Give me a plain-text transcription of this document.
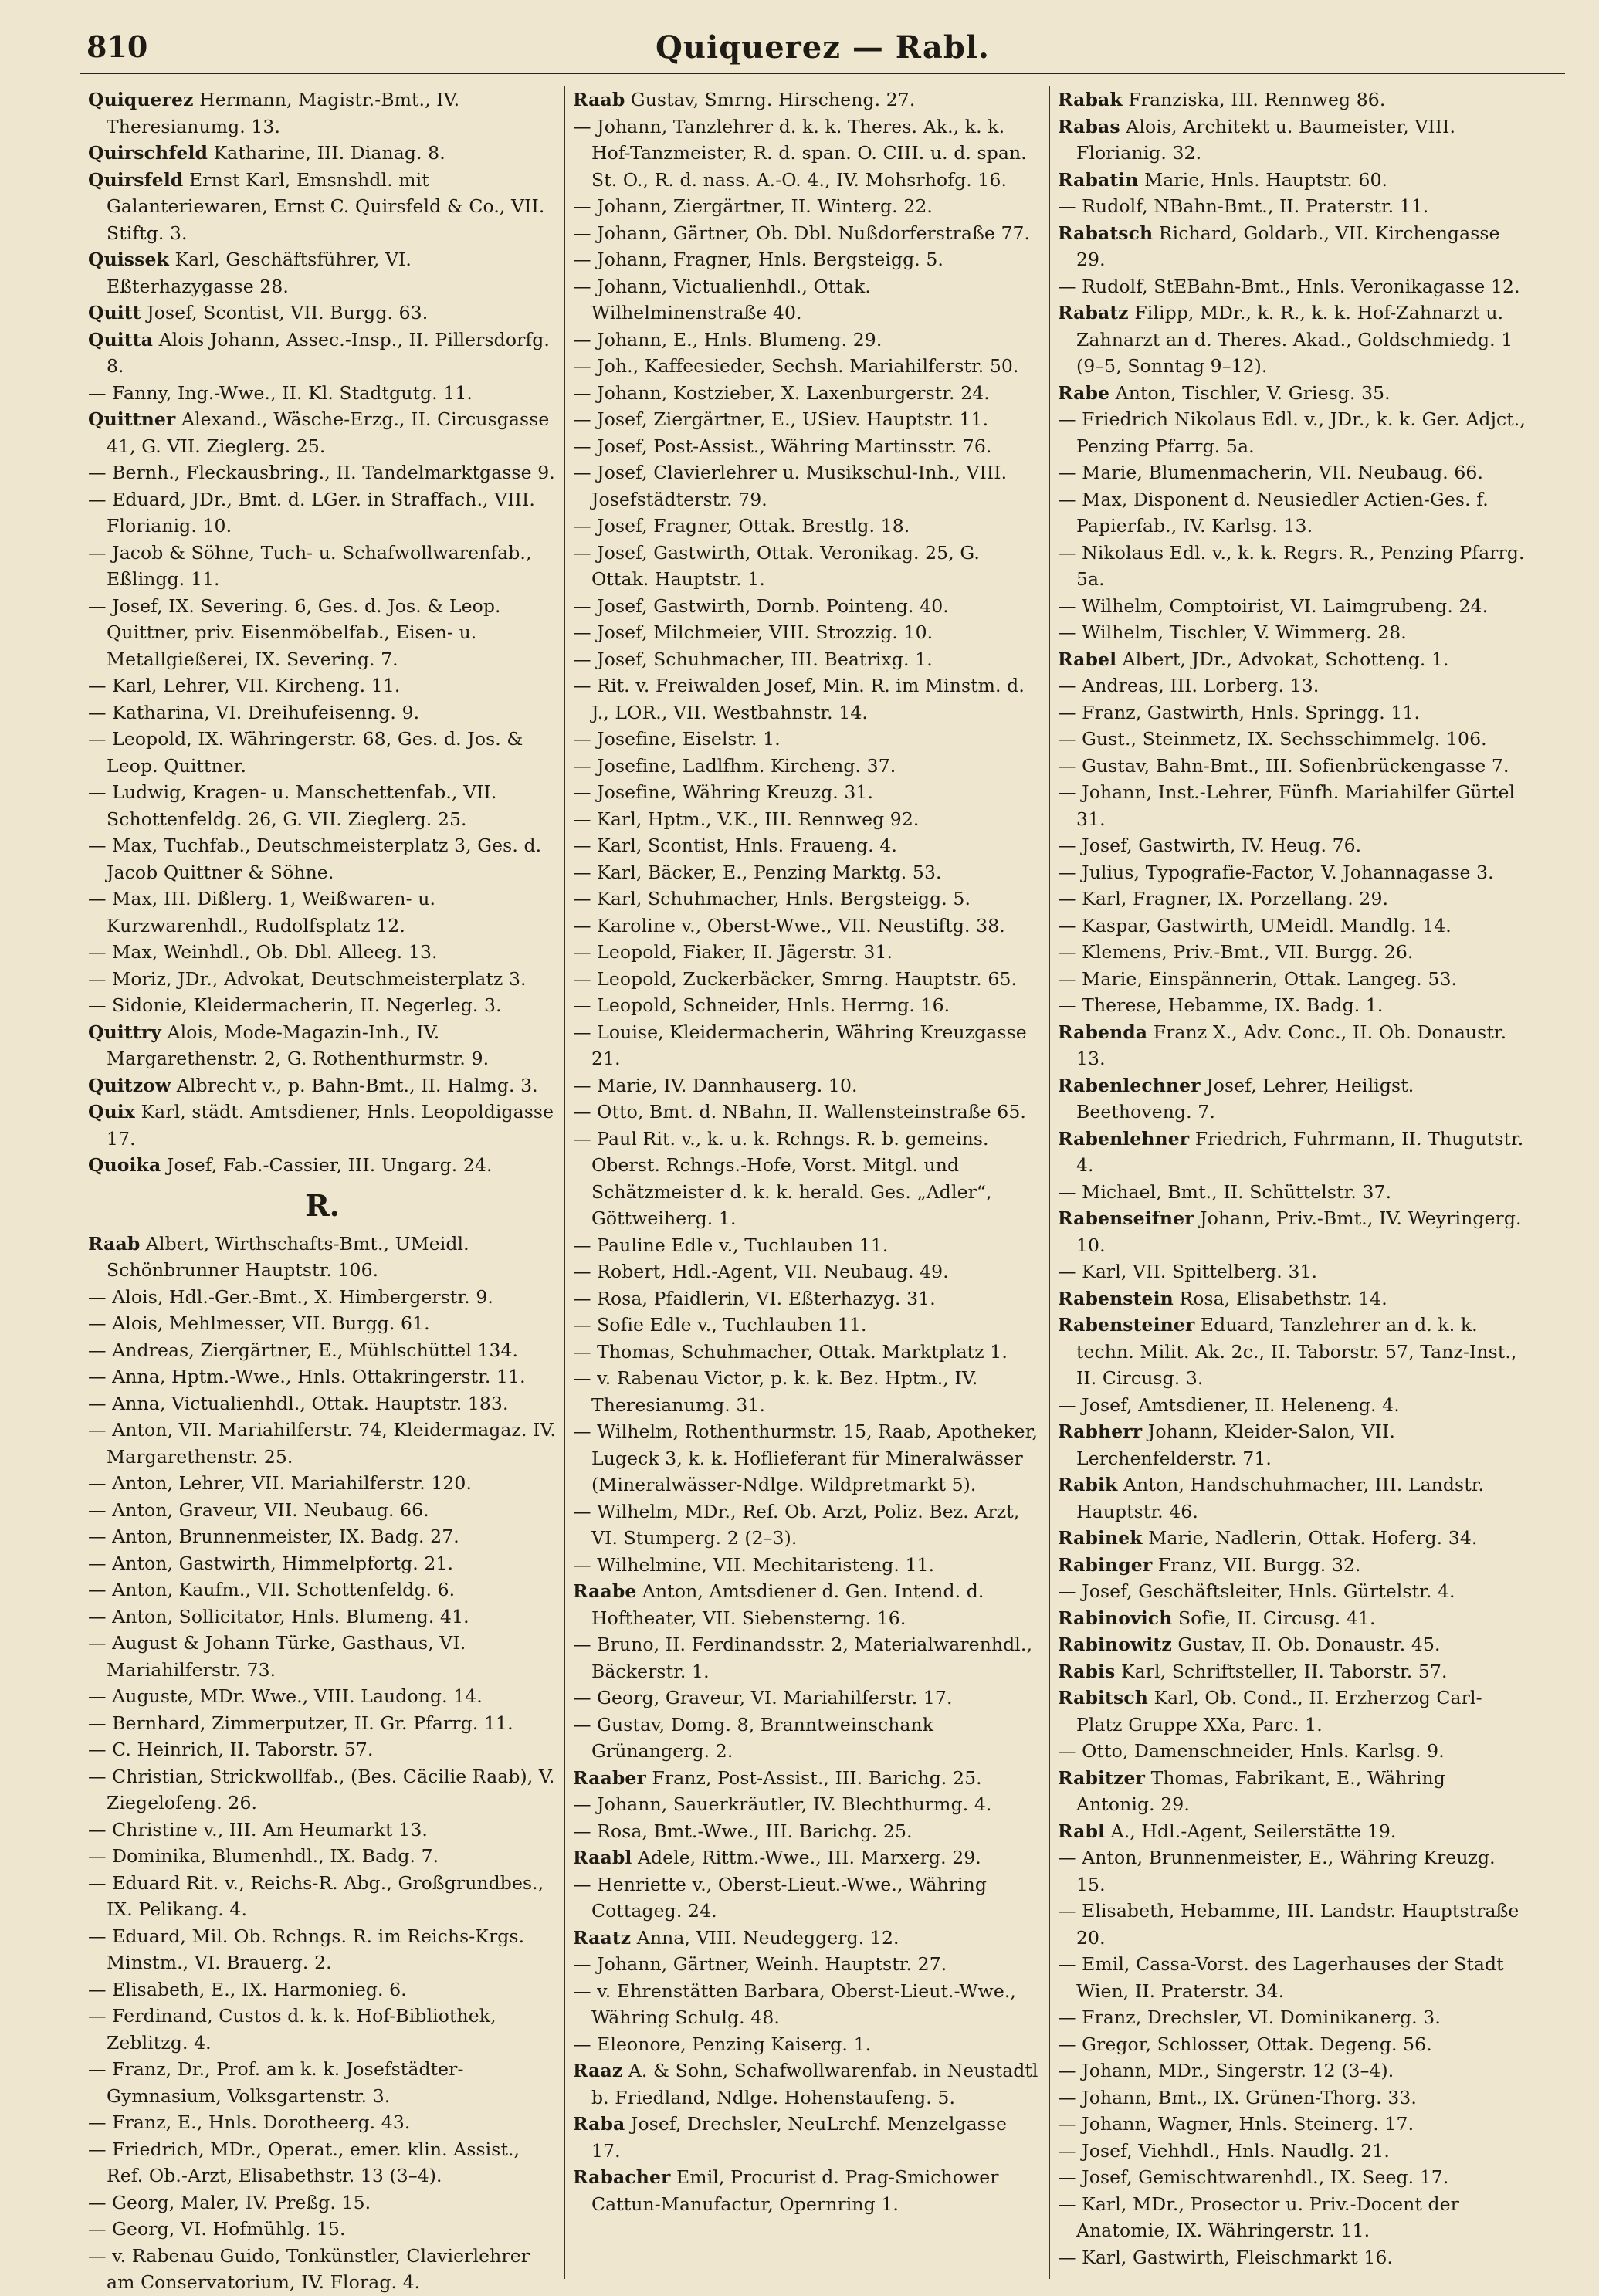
810	Quiquerez — Rabl.

Quiquerez Hermann, Magistr.-Bmt., IV. Theresianumg. 13.

Quirschfeld Katharine, III. Dianag. 8.

Quirsfeld Ernst Karl, Emsnshdl. mit Galanteriewaren, Ernst C. Quirsfeld & Co., VII. Stiftg. 3.

Quissek Karl, Geschäftsführer, VI. Eßterhazygasse 28.

Quitt Josef, Scontist, VII. Burgg. 63.

Quitta Alois Johann, Assec.-Insp., II. Pillersdorfg. 8.

— Fanny, Ing.-Wwe., II. Kl. Stadtgutg. 11.

Quittner Alexand., Wäsche-Erzg., II. Circusgasse 41, G. VII. Zieglerg. 25.

— Bernh., Fleckausbring., II. Tandelmarktgasse 9.

— Eduard, JDr., Bmt. d. LGer. in Straffach., VIII. Florianig. 10.

— Jacob & Söhne, Tuch- u. Schafwollwarenfab., Eßlingg. 11.

— Josef, IX. Severing. 6, Ges. d. Jos. & Leop. Quittner, priv. Eisenmöbelfab., Eisen- u. Metallgießerei, IX. Severing. 7.

— Karl, Lehrer, VII. Kircheng. 11.

— Katharina, VI. Dreihufeisenng. 9.

— Leopold, IX. Währingerstr. 68, Ges. d. Jos. & Leop. Quittner.

— Ludwig, Kragen- u. Manschettenfab., VII. Schottenfeldg. 26, G. VII. Zieglerg. 25.

— Max, Tuchfab., Deutschmeisterplatz 3, Ges. d. Jacob Quittner & Söhne.

— Max, III. Dißlerg. 1, Weißwaren- u. Kurzwarenhdl., Rudolfsplatz 12.

— Max, Weinhdl., Ob. Dbl. Alleeg. 13.

— Moriz, JDr., Advokat, Deutschmeisterplatz 3.

— Sidonie, Kleidermacherin, II. Negerleg. 3.

Quittry Alois, Mode-Magazin-Inh., IV. Margarethenstr. 2, G. Rothenthurmstr. 9.

Quitzow Albrecht v., p. Bahn-Bmt., II. Halmg. 3.

Quix Karl, städt. Amtsdiener, Hnls. Leopoldigasse 17.

Quoika Josef, Fab.-Cassier, III. Ungarg. 24.

R.

Raab Albert, Wirthschafts-Bmt., UMeidl. Schönbrunner Hauptstr. 106.

— Alois, Hdl.-Ger.-Bmt., X. Himbergerstr. 9.

— Alois, Mehlmesser, VII. Burgg. 61.

— Andreas, Ziergärtner, E., Mühlschüttel 134.

— Anna, Hptm.-Wwe., Hnls. Ottakringerstr. 11.

— Anna, Victualienhdl., Ottak. Hauptstr. 183.

— Anton, VII. Mariahilferstr. 74, Kleidermagaz. IV. Margarethenstr. 25.

— Anton, Lehrer, VII. Mariahilferstr. 120.

— Anton, Graveur, VII. Neubaug. 66.

— Anton, Brunnenmeister, IX. Badg. 27.

— Anton, Gastwirth, Himmelpfortg. 21.

— Anton, Kaufm., VII. Schottenfeldg. 6.

— Anton, Sollicitator, Hnls. Blumeng. 41.

— August & Johann Türke, Gasthaus, VI. Mariahilferstr. 73.

— Auguste, MDr. Wwe., VIII. Laudong. 14.

— Bernhard, Zimmerputzer, II. Gr. Pfarrg. 11.

— C. Heinrich, II. Taborstr. 57.

— Christian, Strickwollfab., (Bes. Cäcilie Raab), V. Ziegelofeng. 26.

— Christine v., III. Am Heumarkt 13.

— Dominika, Blumenhdl., IX. Badg. 7.

— Eduard Rit. v., Reichs-R. Abg., Großgrundbes., IX. Pelikang. 4.

— Eduard, Mil. Ob. Rchngs. R. im Reichs-Krgs. Minstm., VI. Brauerg. 2.

— Elisabeth, E., IX. Harmonieg. 6.

— Ferdinand, Custos d. k. k. Hof-Bibliothek, Zeblitzg. 4.

— Franz, Dr., Prof. am k. k. Josefstädter-Gymnasium, Volksgartenstr. 3.

— Franz, E., Hnls. Dorotheerg. 43.

— Friedrich, MDr., Operat., emer. klin. Assist., Ref. Ob.-Arzt, Elisabethstr. 13 (3–4).

— Georg, Maler, IV. Preßg. 15.

— Georg, VI. Hofmühlg. 15.

— v. Rabenau Guido, Tonkünstler, Clavierlehrer am Conservatorium, IV. Florag. 4.

Raab Gustav, Smrng. Hirscheng. 27.

— Johann, Tanzlehrer d. k. k. Theres. Ak., k. k. Hof-Tanzmeister, R. d. span. O. CIII. u. d. span. St. O., R. d. nass. A.-O. 4., IV. Mohsrhofg. 16.

— Johann, Ziergärtner, II. Winterg. 22.

— Johann, Gärtner, Ob. Dbl. Nußdorferstraße 77.

— Johann, Fragner, Hnls. Bergsteigg. 5.

— Johann, Victualienhdl., Ottak. Wilhelminenstraße 40.

— Johann, E., Hnls. Blumeng. 29.

— Joh., Kaffeesieder, Sechsh. Mariahilferstr. 50.

— Johann, Kostzieber, X. Laxenburgerstr. 24.

— Josef, Ziergärtner, E., USiev. Hauptstr. 11.

— Josef, Post-Assist., Währing Martinsstr. 76.

— Josef, Clavierlehrer u. Musikschul-Inh., VIII. Josefstädterstr. 79.

— Josef, Fragner, Ottak. Brestlg. 18.

— Josef, Gastwirth, Ottak. Veronikag. 25, G. Ottak. Hauptstr. 1.

— Josef, Gastwirth, Dornb. Pointeng. 40.

— Josef, Milchmeier, VIII. Strozzig. 10.

— Josef, Schuhmacher, III. Beatrixg. 1.

— Rit. v. Freiwalden Josef, Min. R. im Minstm. d. J., LOR., VII. Westbahnstr. 14.

— Josefine, Eiselstr. 1.

— Josefine, Ladlfhm. Kircheng. 37.

— Josefine, Währing Kreuzg. 31.

— Karl, Hptm., V.K., III. Rennweg 92.

— Karl, Scontist, Hnls. Fraueng. 4.

— Karl, Bäcker, E., Penzing Marktg. 53.

— Karl, Schuhmacher, Hnls. Bergsteigg. 5.

— Karoline v., Oberst-Wwe., VII. Neustiftg. 38.

— Leopold, Fiaker, II. Jägerstr. 31.

— Leopold, Zuckerbäcker, Smrng. Hauptstr. 65.

— Leopold, Schneider, Hnls. Herrng. 16.

— Louise, Kleidermacherin, Währing Kreuzgasse 21.

— Marie, IV. Dannhauserg. 10.

— Otto, Bmt. d. NBahn, II. Wallensteinstraße 65.

— Paul Rit. v., k. u. k. Rchngs. R. b. gemeins. Oberst. Rchngs.-Hofe, Vorst. Mitgl. und Schätzmeister d. k. k. herald. Ges. „Adler“, Göttweiherg. 1.

— Pauline Edle v., Tuchlauben 11.

— Robert, Hdl.-Agent, VII. Neubaug. 49.

— Rosa, Pfaidlerin, VI. Eßterhazyg. 31.

— Sofie Edle v., Tuchlauben 11.

— Thomas, Schuhmacher, Ottak. Marktplatz 1.

— v. Rabenau Victor, p. k. k. Bez. Hptm., IV. Theresianumg. 31.

— Wilhelm, Rothenthurmstr. 15, Raab, Apotheker, Lugeck 3, k. k. Hoflieferant für Mineralwässer (Mineralwässer-Ndlge. Wildpretmarkt 5).

— Wilhelm, MDr., Ref. Ob. Arzt, Poliz. Bez. Arzt, VI. Stumperg. 2 (2–3).

— Wilhelmine, VII. Mechitaristeng. 11.

Raabe Anton, Amtsdiener d. Gen. Intend. d. Hoftheater, VII. Siebensterng. 16.

— Bruno, II. Ferdinandsstr. 2, Materialwarenhdl., Bäckerstr. 1.

— Georg, Graveur, VI. Mariahilferstr. 17.

— Gustav, Domg. 8, Branntweinschank Grünangerg. 2.

Raaber Franz, Post-Assist., III. Barichg. 25.

— Johann, Sauerkräutler, IV. Blechthurmg. 4.

— Rosa, Bmt.-Wwe., III. Barichg. 25.

Raabl Adele, Rittm.-Wwe., III. Marxerg. 29.

— Henriette v., Oberst-Lieut.-Wwe., Währing Cottageg. 24.

Raatz Anna, VIII. Neudeggerg. 12.

— Johann, Gärtner, Weinh. Hauptstr. 27.

— v. Ehrenstätten Barbara, Oberst-Lieut.-Wwe., Währing Schulg. 48.

— Eleonore, Penzing Kaiserg. 1.

Raaz A. & Sohn, Schafwollwarenfab. in Neustadtl b. Friedland, Ndlge. Hohenstaufeng. 5.

Raba Josef, Drechsler, NeuLrchf. Menzelgasse 17.

Rabacher Emil, Procurist d. Prag-Smichower Cattun-Manufactur, Opernring 1.

Rabak Franziska, III. Rennweg 86.

Rabas Alois, Architekt u. Baumeister, VIII. Florianig. 32.

Rabatin Marie, Hnls. Hauptstr. 60.

— Rudolf, NBahn-Bmt., II. Praterstr. 11.

Rabatsch Richard, Goldarb., VII. Kirchengasse 29.

— Rudolf, StEBahn-Bmt., Hnls. Veronikagasse 12.

Rabatz Filipp, MDr., k. R., k. k. Hof-Zahnarzt u. Zahnarzt an d. Theres. Akad., Goldschmiedg. 1 (9–5, Sonntag 9–12).

Rabe Anton, Tischler, V. Griesg. 35.

— Friedrich Nikolaus Edl. v., JDr., k. k. Ger. Adjct., Penzing Pfarrg. 5a.

— Marie, Blumenmacherin, VII. Neubaug. 66.

— Max, Disponent d. Neusiedler Actien-Ges. f. Papierfab., IV. Karlsg. 13.

— Nikolaus Edl. v., k. k. Regrs. R., Penzing Pfarrg. 5a.

— Wilhelm, Comptoirist, VI. Laimgrubeng. 24.

— Wilhelm, Tischler, V. Wimmerg. 28.

Rabel Albert, JDr., Advokat, Schotteng. 1.

— Andreas, III. Lorberg. 13.

— Franz, Gastwirth, Hnls. Springg. 11.

— Gust., Steinmetz, IX. Sechsschimmelg. 106.

— Gustav, Bahn-Bmt., III. Sofienbrückengasse 7.

— Johann, Inst.-Lehrer, Fünfh. Mariahilfer Gürtel 31.

— Josef, Gastwirth, IV. Heug. 76.

— Julius, Typografie-Factor, V. Johannagasse 3.

— Karl, Fragner, IX. Porzellang. 29.

— Kaspar, Gastwirth, UMeidl. Mandlg. 14.

— Klemens, Priv.-Bmt., VII. Burgg. 26.

— Marie, Einspännerin, Ottak. Langeg. 53.

— Therese, Hebamme, IX. Badg. 1.

Rabenda Franz X., Adv. Conc., II. Ob. Donaustr. 13.

Rabenlechner Josef, Lehrer, Heiligst. Beethoveng. 7.

Rabenlehner Friedrich, Fuhrmann, II. Thugutstr. 4.

— Michael, Bmt., II. Schüttelstr. 37.

Rabenseifner Johann, Priv.-Bmt., IV. Weyringerg. 10.

— Karl, VII. Spittelberg. 31.

Rabenstein Rosa, Elisabethstr. 14.

Rabensteiner Eduard, Tanzlehrer an d. k. k. techn. Milit. Ak. 2c., II. Taborstr. 57, Tanz-Inst., II. Circusg. 3.

— Josef, Amtsdiener, II. Heleneng. 4.

Rabherr Johann, Kleider-Salon, VII. Lerchenfelderstr. 71.

Rabik Anton, Handschuhmacher, III. Landstr. Hauptstr. 46.

Rabinek Marie, Nadlerin, Ottak. Hoferg. 34.

Rabinger Franz, VII. Burgg. 32.

— Josef, Geschäftsleiter, Hnls. Gürtelstr. 4.

Rabinovich Sofie, II. Circusg. 41.

Rabinowitz Gustav, II. Ob. Donaustr. 45.

Rabis Karl, Schriftsteller, II. Taborstr. 57.

Rabitsch Karl, Ob. Cond., II. Erzherzog Carl-Platz Gruppe XXa, Parc. 1.

— Otto, Damenschneider, Hnls. Karlsg. 9.

Rabitzer Thomas, Fabrikant, E., Währing Antonig. 29.

Rabl A., Hdl.-Agent, Seilerstätte 19.

— Anton, Brunnenmeister, E., Währing Kreuzg. 15.

— Elisabeth, Hebamme, III. Landstr. Hauptstraße 20.

— Emil, Cassa-Vorst. des Lagerhauses der Stadt Wien, II. Praterstr. 34.

— Franz, Drechsler, VI. Dominikanerg. 3.

— Gregor, Schlosser, Ottak. Degeng. 56.

— Johann, MDr., Singerstr. 12 (3–4).

— Johann, Bmt., IX. Grünen-Thorg. 33.

— Johann, Wagner, Hnls. Steinerg. 17.

— Josef, Viehhdl., Hnls. Naudlg. 21.

— Josef, Gemischtwarenhdl., IX. Seeg. 17.

— Karl, MDr., Prosector u. Priv.-Docent der Anatomie, IX. Währingerstr. 11.

— Karl, Gastwirth, Fleischmarkt 16.
